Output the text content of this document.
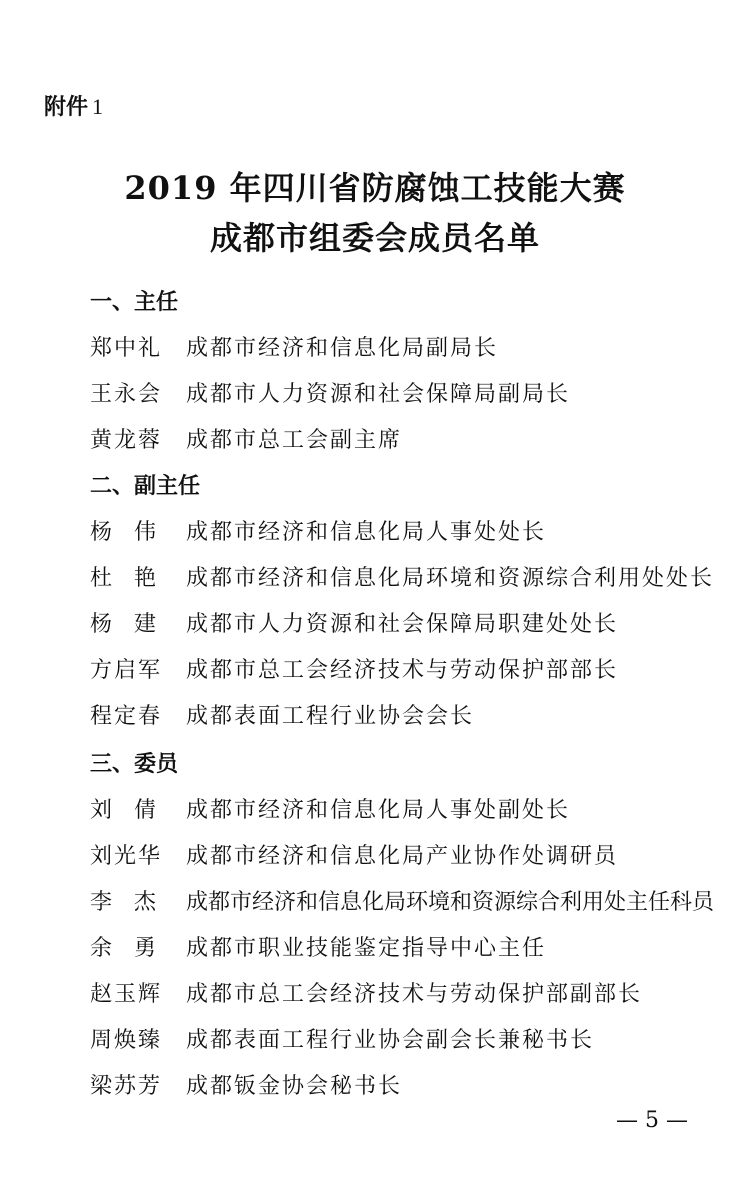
附件 1
2019 年四川省防腐蚀工技能大赛
成都市组委会成员名单
一、主任
郑中礼 成都市经济和信息化局副局长
王永会 成都市人力资源和社会保障局副局长
黄龙蓉 成都市总工会副主席
二、副主任
杨伟 成都市经济和信息化局人事处处长
杜艳 成都市经济和信息化局环境和资源综合利用处处长
杨建 成都市人力资源和社会保障局职建处处长
方启军 成都市总工会经济技术与劳动保护部部长
程定春 成都表面工程行业协会会长
三、委员
刘倩 成都市经济和信息化局人事处副处长
刘光华 成都市经济和信息化局产业协作处调研员
李杰 成都市经济和信息化局环境和资源综合利用处主任科员
余勇 成都市职业技能鉴定指导中心主任
赵玉辉 成都市总工会经济技术与劳动保护部副部长
周焕臻 成都表面工程行业协会副会长兼秘书长
梁苏芳 成都钣金协会秘书长
— 5 —
